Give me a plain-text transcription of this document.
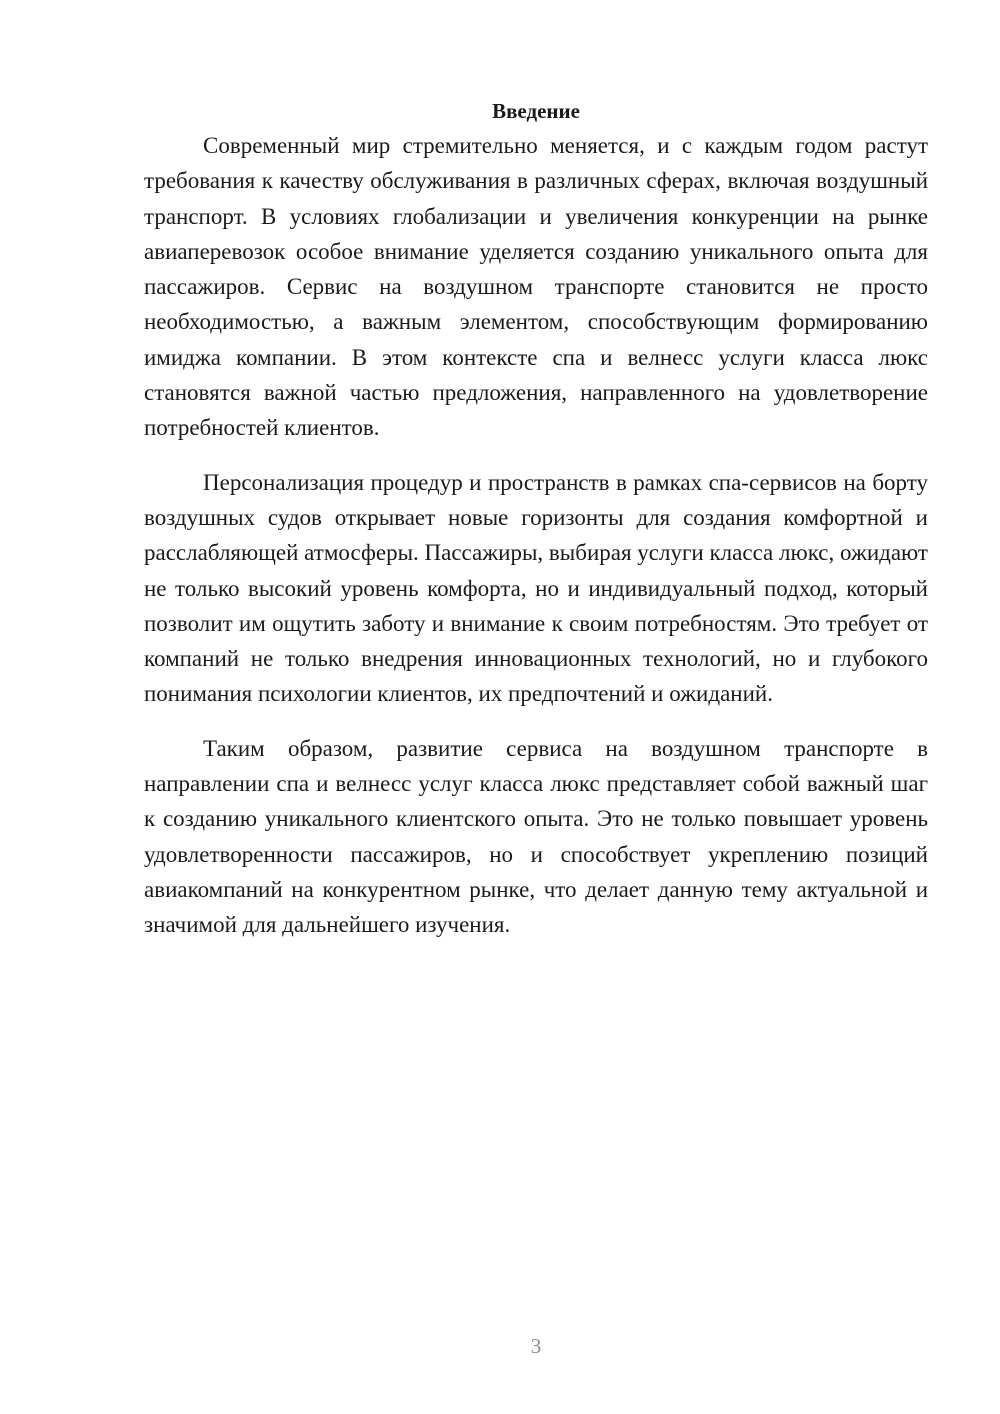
Введение

Современный мир стремительно меняется, и с каждым годом растут требования к качеству обслуживания в различных сферах, включая воздушный транспорт. В условиях глобализации и увеличения конкуренции на рынке авиаперевозок особое внимание уделяется созданию уникального опыта для пассажиров. Сервис на воздушном транспорте становится не просто необходимостью, а важным элементом, способствующим формированию имиджа компании. В этом контексте спа и велнесс услуги класса люкс становятся важной частью предложения, направленного на удовлетворение потребностей клиентов.

Персонализация процедур и пространств в рамках спа-сервисов на борту воздушных судов открывает новые горизонты для создания комфортной и расслабляющей атмосферы. Пассажиры, выбирая услуги класса люкс, ожидают не только высокий уровень комфорта, но и индивидуальный подход, который позволит им ощутить заботу и внимание к своим потребностям. Это требует от компаний не только внедрения инновационных технологий, но и глубокого понимания психологии клиентов, их предпочтений и ожиданий.

Таким образом, развитие сервиса на воздушном транспорте в направлении спа и велнесс услуг класса люкс представляет собой важный шаг к созданию уникального клиентского опыта. Это не только повышает уровень удовлетворенности пассажиров, но и способствует укреплению позиций авиакомпаний на конкурентном рынке, что делает данную тему актуальной и значимой для дальнейшего изучения.

3
